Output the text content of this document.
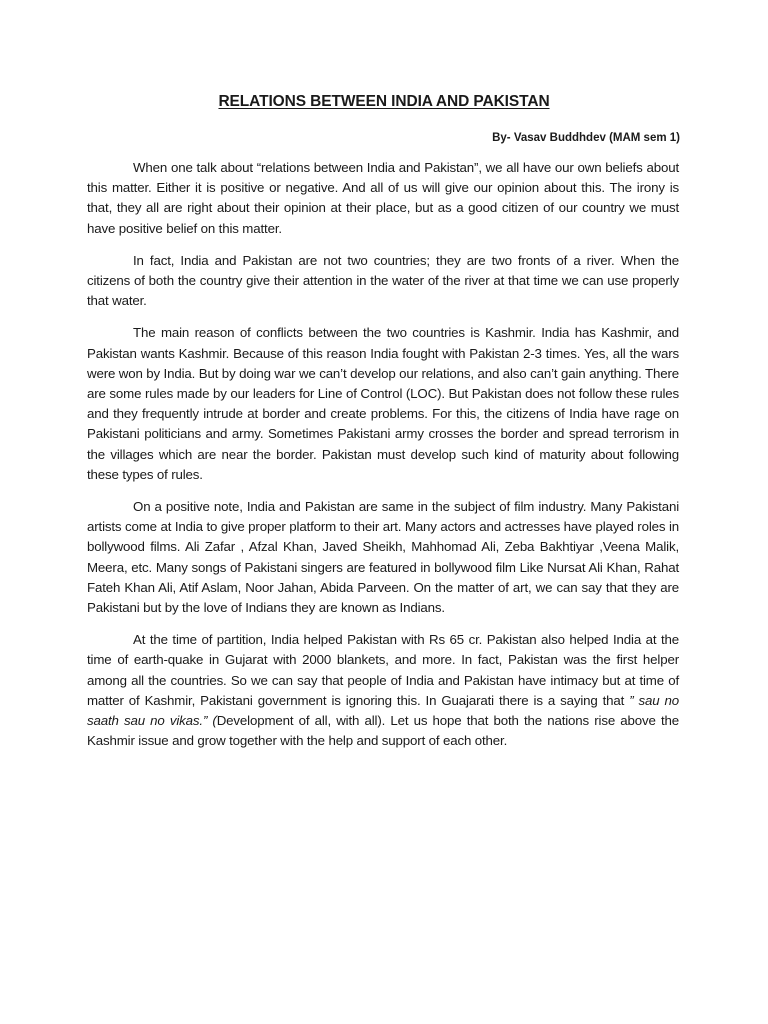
RELATIONS BETWEEN INDIA AND PAKISTAN
By- Vasav Buddhdev (MAM sem 1)

When one talk about “relations between India and Pakistan”, we all have our own beliefs about this matter. Either it is positive or negative. And all of us will give our opinion about this. The irony is that, they all are right about their opinion at their place, but as a good citizen of our country we must have positive belief on this matter.

In fact, India and Pakistan are not two countries; they are two fronts of a river. When the citizens of both the country give their attention in the water of the river at that time we can use properly that water.

The main reason of conflicts between the two countries is Kashmir. India has Kashmir, and Pakistan wants Kashmir. Because of this reason India fought with Pakistan 2-3 times. Yes, all the wars were won by India. But by doing war we can’t develop our relations, and also can’t gain anything. There are some rules made by our leaders for Line of Control (LOC). But Pakistan does not follow these rules and they frequently intrude at border and create problems. For this, the citizens of India have rage on Pakistani politicians and army. Sometimes Pakistani army crosses the border and spread terrorism in the villages which are near the border. Pakistan must develop such kind of maturity about following these types of rules.

On a positive note, India and Pakistan are same in the subject of film industry. Many Pakistani artists come at India to give proper platform to their art. Many actors and actresses have played roles in bollywood films. Ali Zafar , Afzal Khan, Javed Sheikh, Mahhomad Ali, Zeba Bakhtiyar ,Veena Malik, Meera, etc. Many songs of Pakistani singers are featured in bollywood film Like Nursat Ali Khan, Rahat Fateh Khan Ali, Atif Aslam, Noor Jahan, Abida Parveen. On the matter of art, we can say that they are Pakistani but by the love of Indians they are known as Indians.

At the time of partition, India helped Pakistan with Rs 65 cr. Pakistan also helped India at the time of earth-quake in Gujarat with 2000 blankets, and more. In fact, Pakistan was the first helper among all the countries. So we can say that people of India and Pakistan have intimacy but at time of matter of Kashmir, Pakistani government is ignoring this. In Guajarati there is a saying that ” sau no saath sau no vikas.” (Development of all, with all). Let us hope that both the nations rise above the Kashmir issue and grow together with the help and support of each other.
